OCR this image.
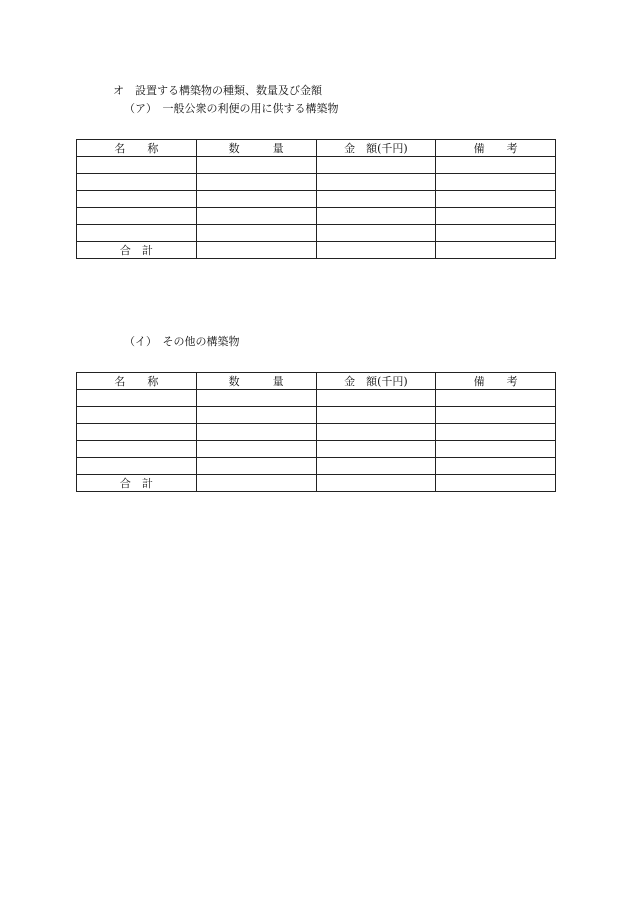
オ　設置する構築物の種類、数量及び金額
（ア）　一般公衆の利便の用に供する構築物
名　　称	数　　　量	金　額(千円)	備　　考

合　計			
（イ）　その他の構築物
名　　称	数　　　量	金　額(千円)	備　　考

合　計			
